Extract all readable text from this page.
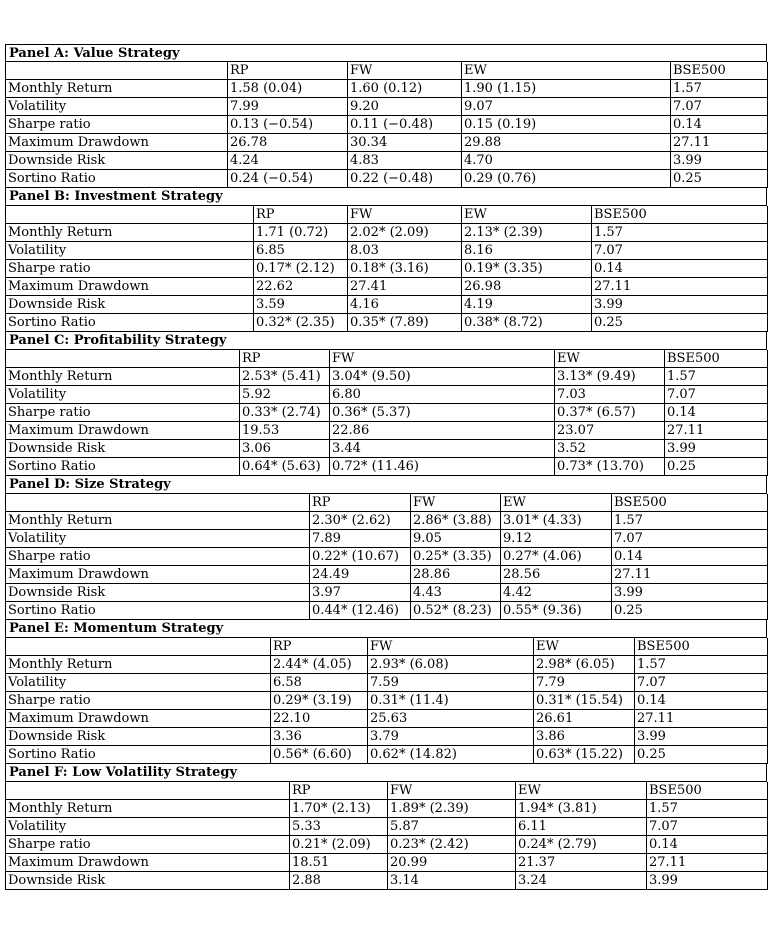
Panel A: Value Strategy
	RP	FW	EW	BSE500
Monthly Return	1.58 (0.04)	1.60 (0.12)	1.90 (1.15)	1.57
Volatility	7.99	9.20	9.07	7.07
Sharpe ratio	0.13 (−0.54)	0.11 (−0.48)	0.15 (0.19)	0.14
Maximum Drawdown	26.78	30.34	29.88	27.11
Downside Risk	4.24	4.83	4.70	3.99
Sortino Ratio	0.24 (−0.54)	0.22 (−0.48)	0.29 (0.76)	0.25
Panel B: Investment Strategy
	RP	FW	EW	BSE500
Monthly Return	1.71 (0.72)	2.02* (2.09)	2.13* (2.39)	1.57
Volatility	6.85	8.03	8.16	7.07
Sharpe ratio	0.17* (2.12)	0.18* (3.16)	0.19* (3.35)	0.14
Maximum Drawdown	22.62	27.41	26.98	27.11
Downside Risk	3.59	4.16	4.19	3.99
Sortino Ratio	0.32* (2.35)	0.35* (7.89)	0.38* (8.72)	0.25
Panel C: Profitability Strategy
	RP	FW	EW	BSE500
Monthly Return	2.53* (5.41)	3.04* (9.50)	3.13* (9.49)	1.57
Volatility	5.92	6.80	7.03	7.07
Sharpe ratio	0.33* (2.74)	0.36* (5.37)	0.37* (6.57)	0.14
Maximum Drawdown	19.53	22.86	23.07	27.11
Downside Risk	3.06	3.44	3.52	3.99
Sortino Ratio	0.64* (5.63)	0.72* (11.46)	0.73* (13.70)	0.25
Panel D: Size Strategy
	RP	FW	EW	BSE500
Monthly Return	2.30* (2.62)	2.86* (3.88)	3.01* (4.33)	1.57
Volatility	7.89	9.05	9.12	7.07
Sharpe ratio	0.22* (10.67)	0.25* (3.35)	0.27* (4.06)	0.14
Maximum Drawdown	24.49	28.86	28.56	27.11
Downside Risk	3.97	4.43	4.42	3.99
Sortino Ratio	0.44* (12.46)	0.52* (8.23)	0.55* (9.36)	0.25
Panel E: Momentum Strategy
	RP	FW	EW	BSE500
Monthly Return	2.44* (4.05)	2.93* (6.08)	2.98* (6.05)	1.57
Volatility	6.58	7.59	7.79	7.07
Sharpe ratio	0.29* (3.19)	0.31* (11.4)	0.31* (15.54)	0.14
Maximum Drawdown	22.10	25.63	26.61	27.11
Downside Risk	3.36	3.79	3.86	3.99
Sortino Ratio	0.56* (6.60)	0.62* (14.82)	0.63* (15.22)	0.25
Panel F: Low Volatility Strategy
	RP	FW	EW	BSE500
Monthly Return	1.70* (2.13)	1.89* (2.39)	1.94* (3.81)	1.57
Volatility	5.33	5.87	6.11	7.07
Sharpe ratio	0.21* (2.09)	0.23* (2.42)	0.24* (2.79)	0.14
Maximum Drawdown	18.51	20.99	21.37	27.11
Downside Risk	2.88	3.14	3.24	3.99
